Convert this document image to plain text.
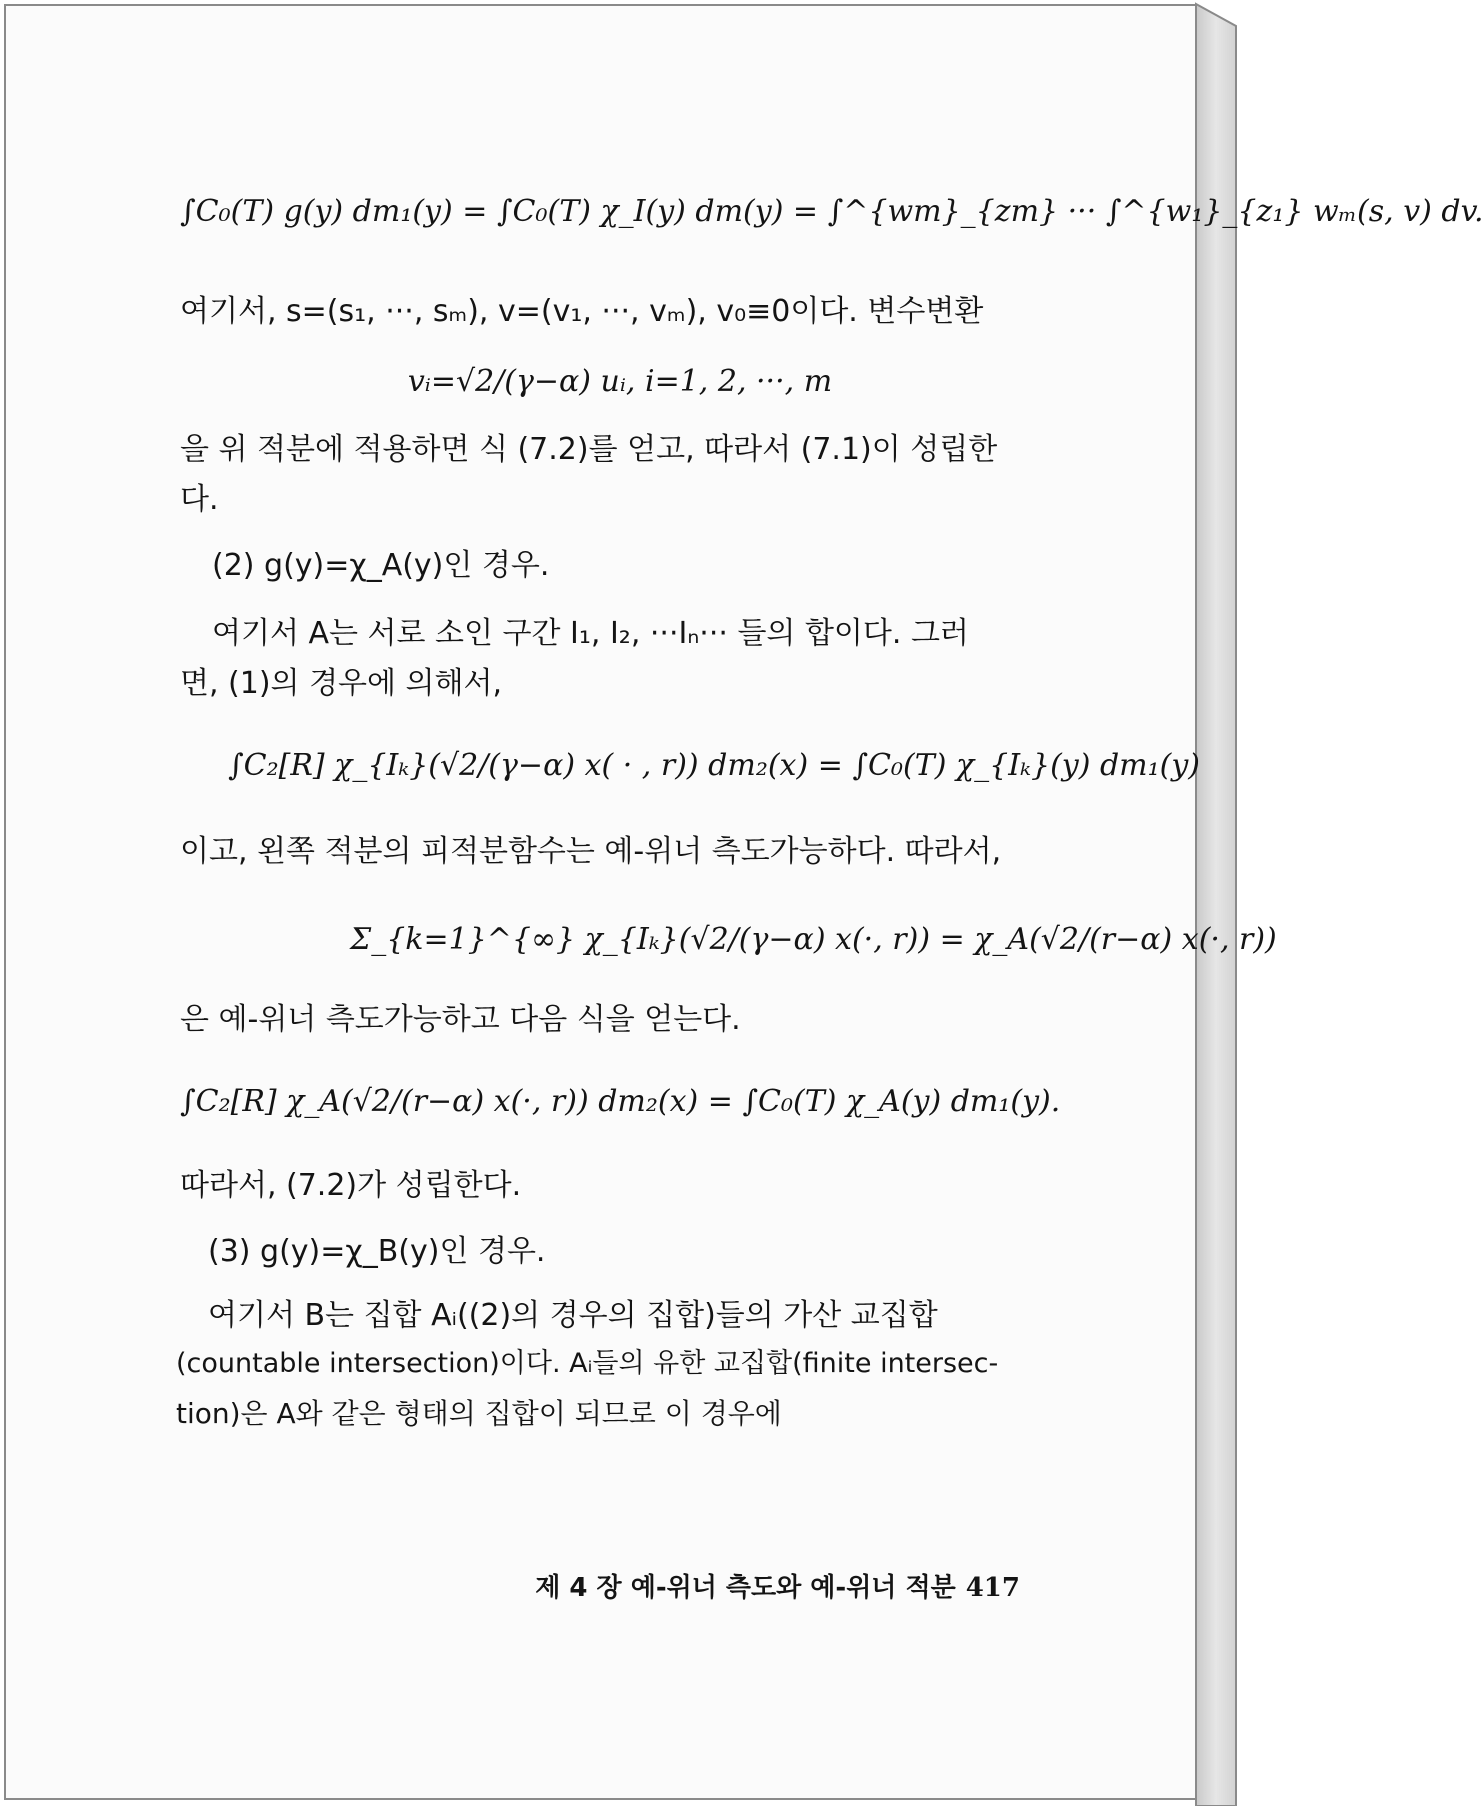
∫C₀(T) g(y) dm₁(y) = ∫C₀(T) χ_I(y) dm(y) = ∫^{wm}_{zm} ··· ∫^{w₁}_{z₁} wₘ(s, v) dv.
여기서, s=(s₁, ···, sₘ), v=(v₁, ···, vₘ), v₀≡0이다. 변수변환
vᵢ=√2/(γ−α) uᵢ, i=1, 2, ···, m
을 위 적분에 적용하면 식 (7.2)를 얻고, 따라서 (7.1)이 성립한
다.
(2) g(y)=χ_A(y)인 경우.
여기서 A는 서로 소인 구간 I₁, I₂, ···Iₙ··· 들의 합이다. 그러
면, (1)의 경우에 의해서,
∫C₂[R] χ_{Iₖ}(√2/(γ−α) x( · , r)) dm₂(x) = ∫C₀(T) χ_{Iₖ}(y) dm₁(y)
이고, 왼쪽 적분의 피적분함수는 예-위너 측도가능하다. 따라서,
Σ_{k=1}^{∞} χ_{Iₖ}(√2/(γ−α) x(·, r)) = χ_A(√2/(r−α) x(·, r))
은 예-위너 측도가능하고 다음 식을 얻는다.
∫C₂[R] χ_A(√2/(r−α) x(·, r)) dm₂(x) = ∫C₀(T) χ_A(y) dm₁(y).
따라서, (7.2)가 성립한다.
(3) g(y)=χ_B(y)인 경우.
여기서 B는 집합 Aᵢ((2)의 경우의 집합)들의 가산 교집합
(countable intersection)이다. Aᵢ들의 유한 교집합(finite intersec-
tion)은 A와 같은 형태의 집합이 되므로 이 경우에
제 4 장 예-위너 측도와 예-위너 적분 417
